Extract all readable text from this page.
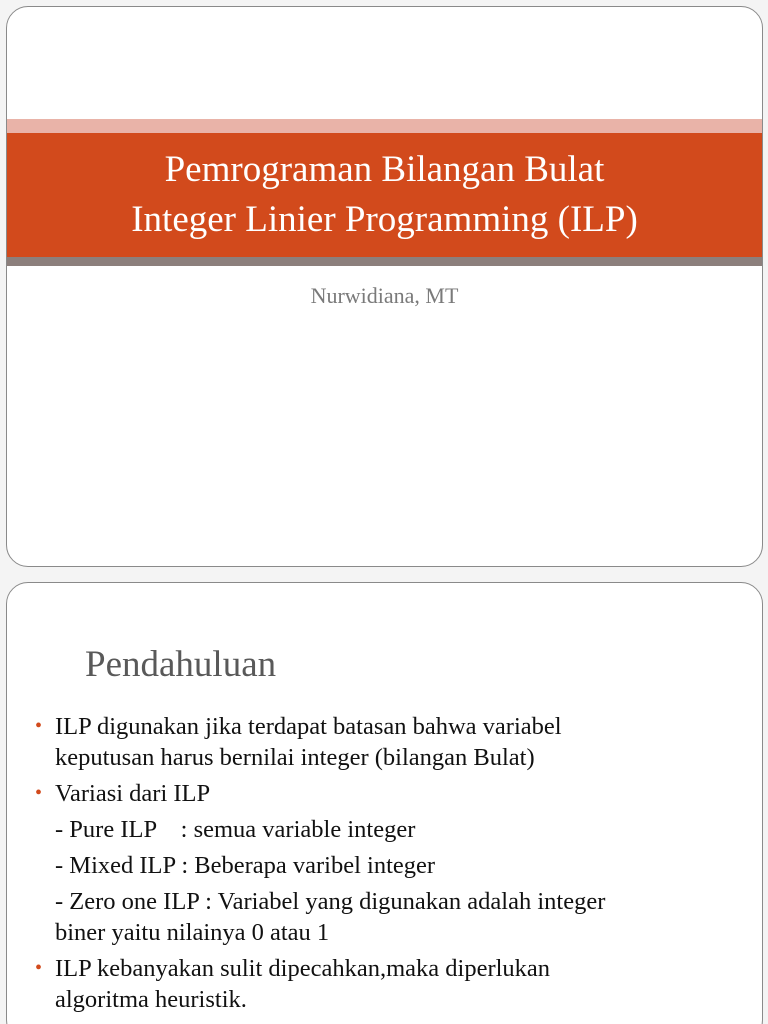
Pemrograman Bilangan Bulat
Integer Linier Programming (ILP)
Nurwidiana, MT
Pendahuluan
• ILP digunakan jika terdapat batasan bahwa variabel
keputusan harus bernilai integer (bilangan Bulat)
• Variasi dari ILP
- Pure ILP    : semua variable integer
- Mixed ILP : Beberapa varibel integer
- Zero one ILP : Variabel yang digunakan adalah integer
biner yaitu nilainya 0 atau 1
• ILP kebanyakan sulit dipecahkan,maka diperlukan
algoritma heuristik.
